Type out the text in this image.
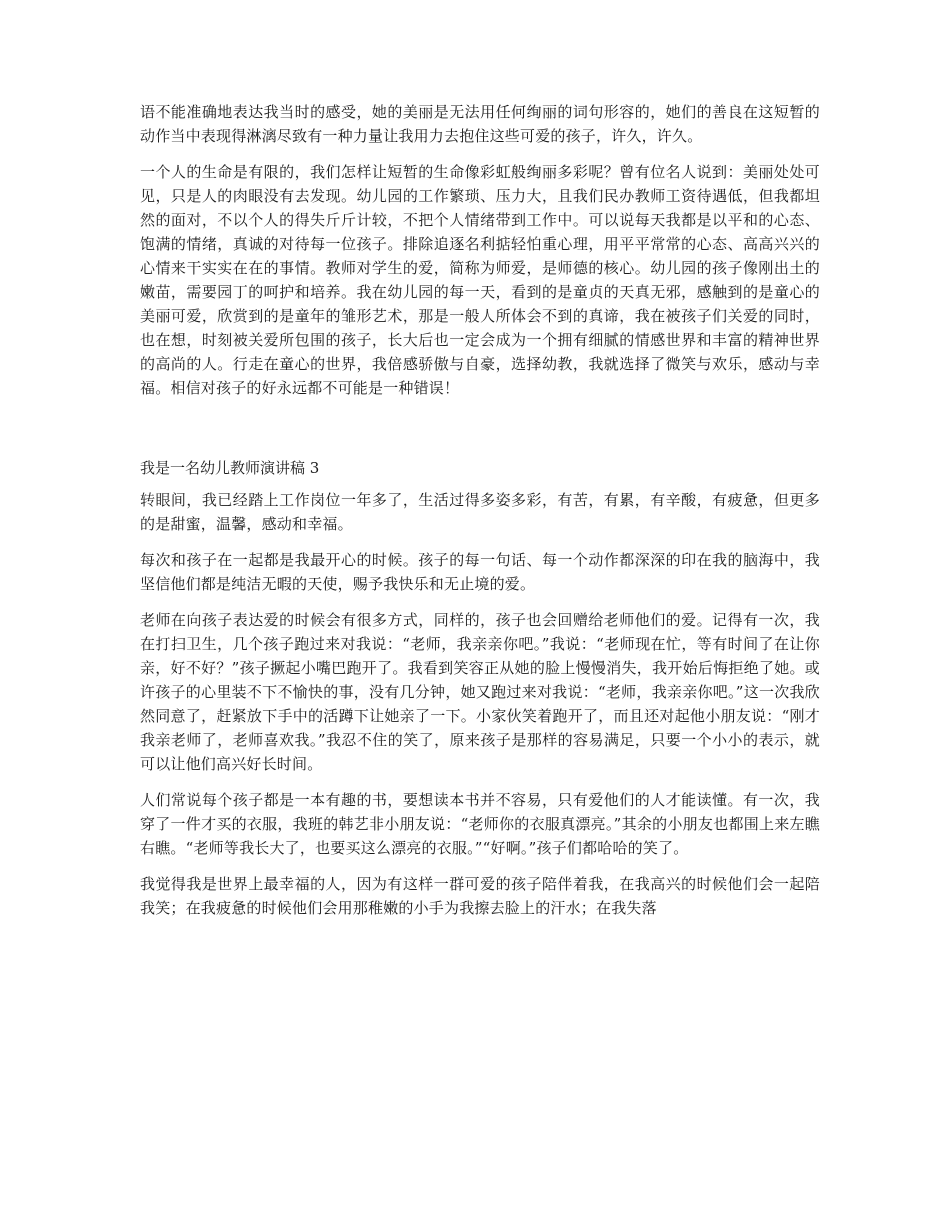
语不能准确地表达我当时的感受，她的美丽是无法用任何绚丽的词句形容的，她们的善良在这短暂的动作当中表现得淋漓尽致有一种力量让我用力去抱住这些可爱的孩子，许久，许久。

一个人的生命是有限的，我们怎样让短暂的生命像彩虹般绚丽多彩呢？曾有位名人说到：美丽处处可见，只是人的肉眼没有去发现。幼儿园的工作繁琐、压力大，且我们民办教师工资待遇低，但我都坦然的面对，不以个人的得失斤斤计较，不把个人情绪带到工作中。可以说每天我都是以平和的心态、饱满的情绪，真诚的对待每一位孩子。排除追逐名利掂轻怕重心理，用平平常常的心态、高高兴兴的心情来干实实在在的事情。教师对学生的爱，简称为师爱，是师德的核心。幼儿园的孩子像刚出土的嫩苗，需要园丁的呵护和培养。我在幼儿园的每一天，看到的是童贞的天真无邪，感触到的是童心的美丽可爱，欣赏到的是童年的雏形艺术，那是一般人所体会不到的真谛，我在被孩子们关爱的同时，也在想，时刻被关爱所包围的孩子，长大后也一定会成为一个拥有细腻的情感世界和丰富的精神世界的高尚的人。行走在童心的世界，我倍感骄傲与自豪，选择幼教，我就选择了微笑与欢乐，感动与幸福。相信对孩子的好永远都不可能是一种错误！

我是一名幼儿教师演讲稿 3

转眼间，我已经踏上工作岗位一年多了，生活过得多姿多彩，有苦，有累，有辛酸，有疲惫，但更多的是甜蜜，温馨，感动和幸福。

每次和孩子在一起都是我最开心的时候。孩子的每一句话、每一个动作都深深的印在我的脑海中，我坚信他们都是纯洁无暇的天使，赐予我快乐和无止境的爱。

老师在向孩子表达爱的时候会有很多方式，同样的，孩子也会回赠给老师他们的爱。记得有一次，我在打扫卫生，几个孩子跑过来对我说：“老师，我亲亲你吧。”我说：“老师现在忙，等有时间了在让你亲，好不好？”孩子撅起小嘴巴跑开了。我看到笑容正从她的脸上慢慢消失，我开始后悔拒绝了她。或许孩子的心里装不下不愉快的事，没有几分钟，她又跑过来对我说：“老师，我亲亲你吧。”这一次我欣然同意了，赶紧放下手中的活蹲下让她亲了一下。小家伙笑着跑开了，而且还对起他小朋友说：“刚才我亲老师了，老师喜欢我。”我忍不住的笑了，原来孩子是那样的容易满足，只要一个小小的表示，就可以让他们高兴好长时间。

人们常说每个孩子都是一本有趣的书，要想读本书并不容易，只有爱他们的人才能读懂。有一次，我穿了一件才买的衣服，我班的韩艺非小朋友说：“老师你的衣服真漂亮。”其余的小朋友也都围上来左瞧右瞧。“老师等我长大了，也要买这么漂亮的衣服。”“好啊。”孩子们都哈哈的笑了。

我觉得我是世界上最幸福的人，因为有这样一群可爱的孩子陪伴着我，在我高兴的时候他们会一起陪我笑；在我疲惫的时候他们会用那稚嫩的小手为我擦去脸上的汗水；在我失落
